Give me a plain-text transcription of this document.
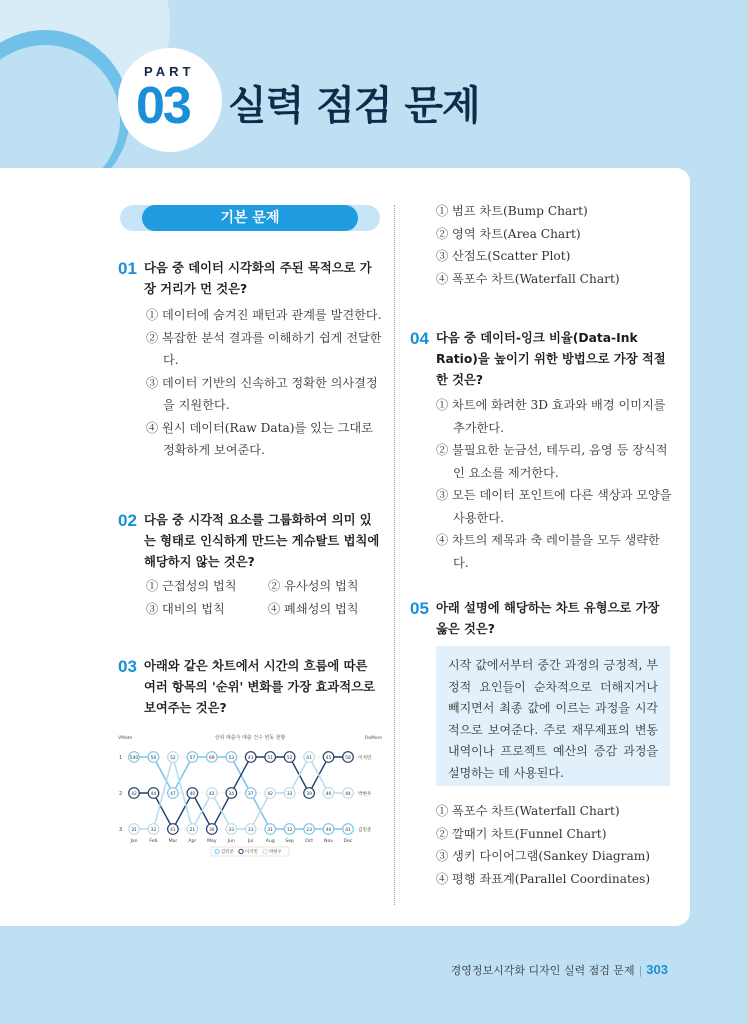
PART
03 실력 점검 문제
기본 문제
01 다음 중 데이터 시각화의 주된 목적으로 가장 거리가 먼 것은?
① 데이터에 숨겨진 패턴과 관계를 발견한다.
② 복잡한 분석 결과를 이해하기 쉽게 전달한다.
③ 데이터 기반의 신속하고 정확한 의사결정을 지원한다.
④ 원시 데이터(Raw Data)를 있는 그대로 정확하게 보여준다.
02 다음 중 시각적 요소를 그룹화하여 의미 있는 형태로 인식하게 만드는 게슈탈트 법칙에 해당하지 않는 것은?
① 근접성의 법칙	② 유사성의 법칙
③ 대비의 법칙	④ 폐쇄성의 법칙
03 아래와 같은 차트에서 시간의 흐름에 따른 여러 항목의 '순위' 변화를 가장 효과적으로 보여주는 것은?
상위 매출자 매출 건수 변동 현황
VMate	RaMore
1
2
3
Jan	Feb Mar Apr May Jun	Jul	Aug Sep Oct Nov Dec
이지민
박현우
김민준
김민준	이지민	박현우
540	50
47
57	69	53
37
31	12	23	40	41
42	44
41
40
30
34
43	51	52
39
45	58
31	32
52
21
42
33	31
42	33
41
40	44
① 범프 차트(Bump Chart)
② 영역 차트(Area Chart)
③ 산점도(Scatter Plot)
④ 폭포수 차트(Waterfall Chart)
04 다음 중 데이터-잉크 비율(Data-Ink Ratio)을 높이기 위한 방법으로 가장 적절한 것은?
① 차트에 화려한 3D 효과와 배경 이미지를 추가한다.
② 불필요한 눈금선, 테두리, 음영 등 장식적인 요소를 제거한다.
③ 모든 데이터 포인트에 다른 색상과 모양을 사용한다.
④ 차트의 제목과 축 레이블을 모두 생략한다.
05 아래 설명에 해당하는 차트 유형으로 가장 옳은 것은?
시작 값에서부터 중간 과정의 긍정적, 부정적 요인들이 순차적으로 더해지거나 빼지면서 최종 값에 이르는 과정을 시각적으로 보여준다. 주로 재무제표의 변동 내역이나 프로젝트 예산의 증감 과정을 설명하는 데 사용된다.
① 폭포수 차트(Waterfall Chart)
② 깔때기 차트(Funnel Chart)
③ 생키 다이어그램(Sankey Diagram)
④ 평행 좌표계(Parallel Coordinates)
경영정보시각화 디자인 실력 점검 문제 | 303
